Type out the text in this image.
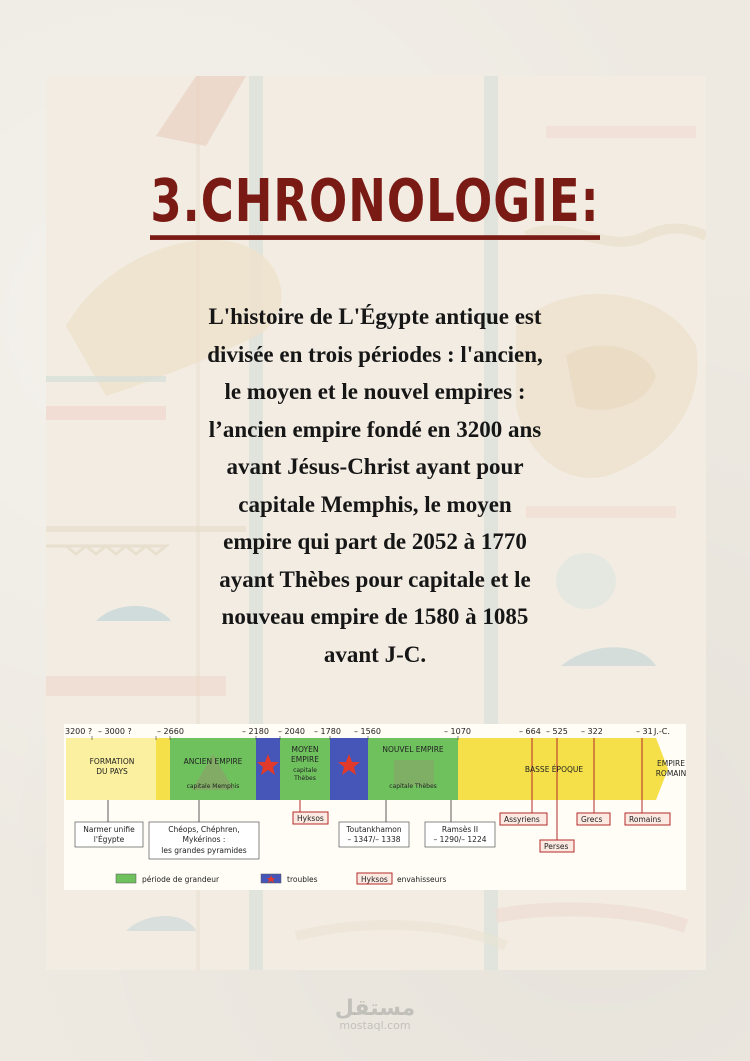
3.CHRONOLOGIE:
L'histoire de L'Égypte antique est
divisée en trois périodes : l'ancien,
le moyen et le nouvel empires :
l’ancien empire fondé en 3200 ans
avant Jésus-Christ ayant pour
capitale Memphis, le moyen
empire qui part de 2052 à 1770
ayant Thèbes pour capitale et le
nouveau empire de 1580 à 1085
avant J-C.
3200 ? – 3000 ?	– 2660	– 2180 – 2040 – 1780 – 1560	– 1070	– 664 – 525 – 322	– 31 J.-C.
FORMATION
DU PAYS
ANCIEN EMPIRE
capitale Memphis
MOYEN
EMPIRE
capitale
Thèbes
NOUVEL EMPIRE
capitale Thèbes
BASSE ÉPOQUE
EMPIRE
ROMAIN
Hyksos	Assyriens
Perses
Grecs	Romains
Narmer unifie
l'Égypte
Chéops, Chéphren,
Mykérinos :
les grandes pyramides
Toutankhamon
– 1347/– 1338
Ramsès II
– 1290/– 1224
période de grandeur	troubles	Hyksos envahisseurs
مستقل
mostaql.com
